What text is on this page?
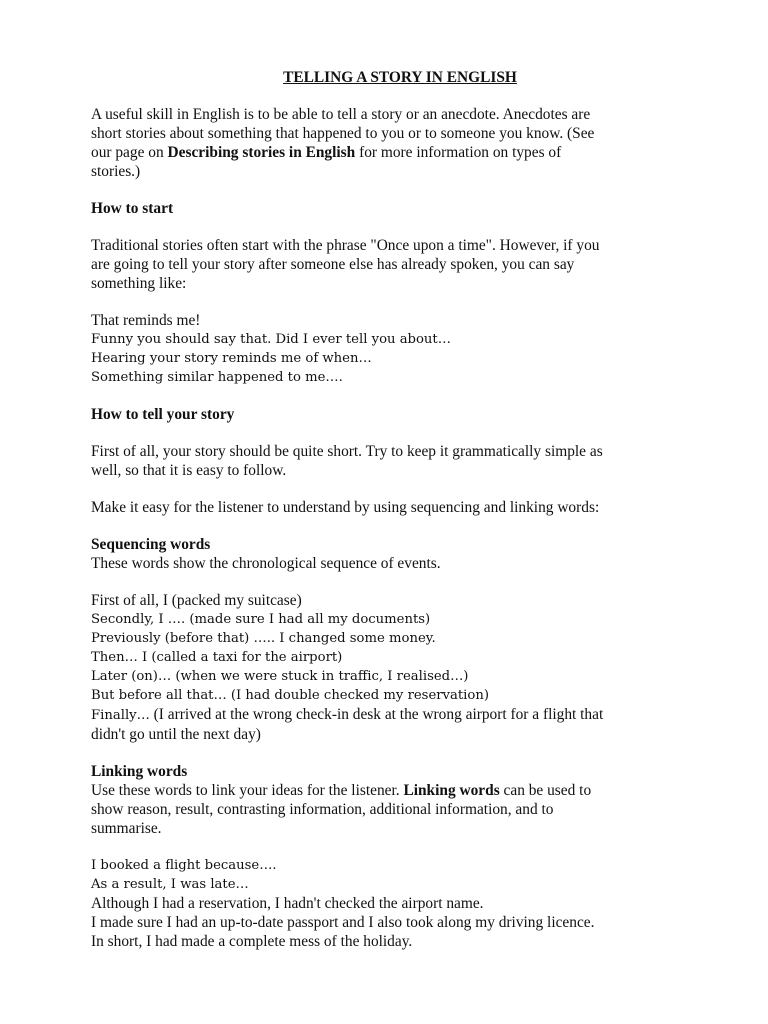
TELLING A STORY IN ENGLISH
A useful skill in English is to be able to tell a story or an anecdote. Anecdotes are
short stories about something that happened to you or to someone you know. (See
our page on Describing stories in English for more information on types of
stories.)
How to start
Traditional stories often start with the phrase "Once upon a time". However, if you
are going to tell your story after someone else has already spoken, you can say
something like:
That reminds me!
Funny you should say that. Did I ever tell you about…
Hearing your story reminds me of when…
Something similar happened to me….
How to tell your story
First of all, your story should be quite short. Try to keep it grammatically simple as
well, so that it is easy to follow.
Make it easy for the listener to understand by using sequencing and linking words:
Sequencing words
These words show the chronological sequence of events.
First of all, I (packed my suitcase)
Secondly, I …. (made sure I had all my documents)
Previously (before that) ….. I changed some money.
Then… I (called a taxi for the airport)
Later (on)… (when we were stuck in traffic, I realised…)
But before all that… (I had double checked my reservation)
Finally… (I arrived at the wrong check-in desk at the wrong airport for a flight that
didn't go until the next day)
Linking words
Use these words to link your ideas for the listener. Linking words can be used to
show reason, result, contrasting information, additional information, and to
summarise.
I booked a flight because….
As a result, I was late…
Although I had a reservation, I hadn't checked the airport name.
I made sure I had an up-to-date passport and I also took along my driving licence.
In short, I had made a complete mess of the holiday.
